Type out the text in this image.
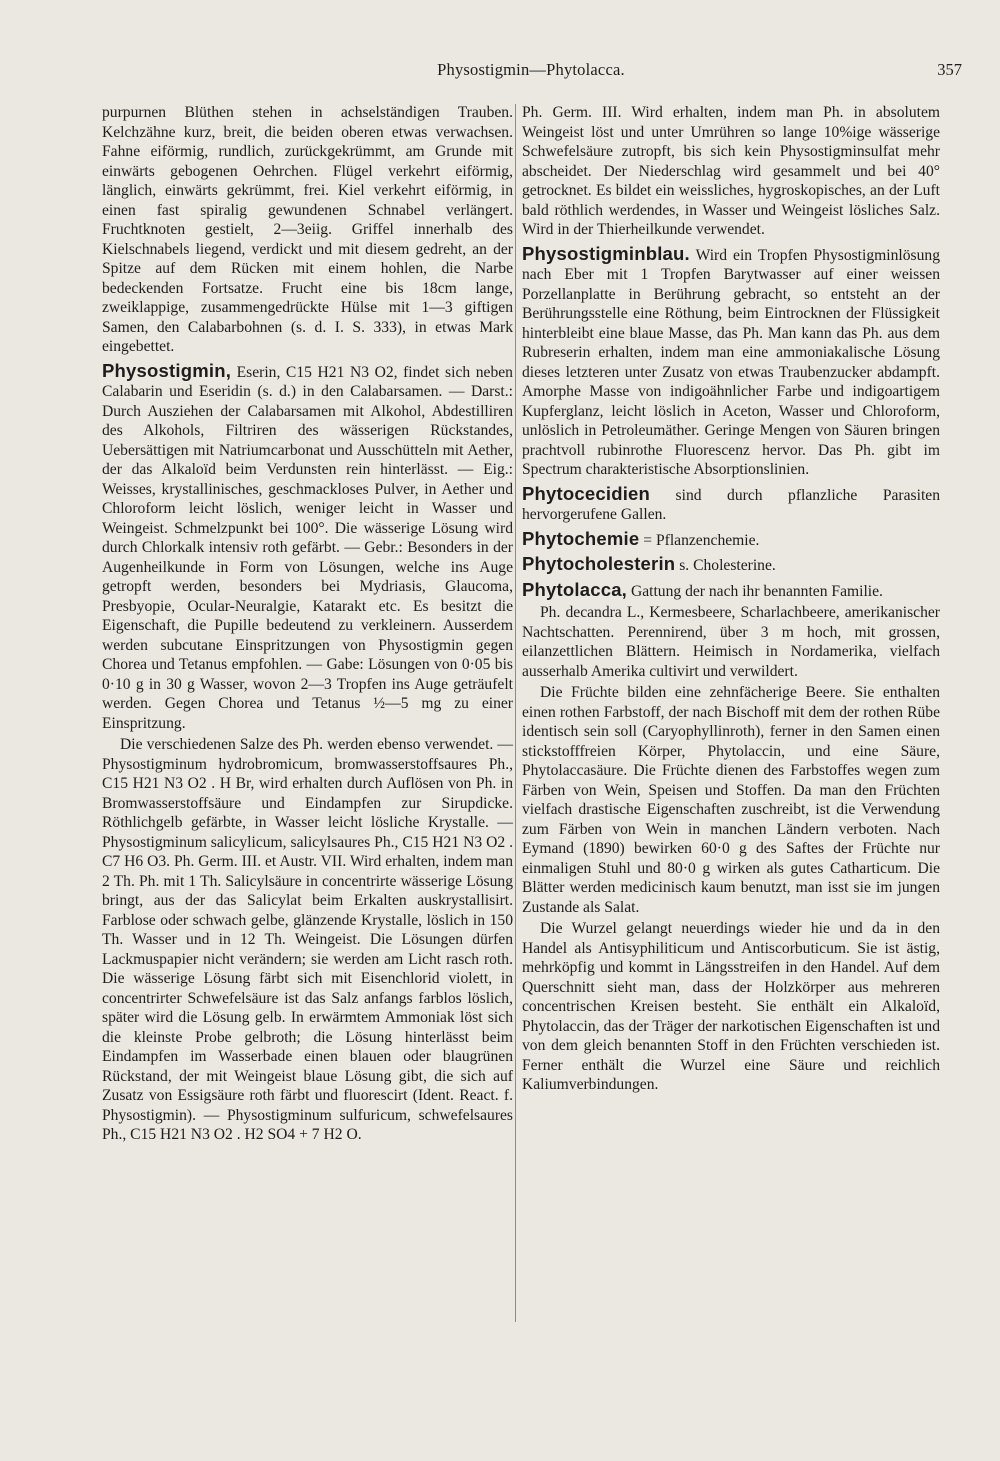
Physostigmin—Phytolacca.	357

purpurnen Blüthen stehen in achselständigen Trauben. Kelchzähne kurz, breit, die beiden oberen etwas verwachsen. Fahne eiförmig, rundlich, zurückgekrümmt, am Grunde mit einwärts gebogenen Oehrchen. Flügel verkehrt eiförmig, länglich, einwärts gekrümmt, frei. Kiel verkehrt eiförmig, in einen fast spiralig gewundenen Schnabel verlängert. Fruchtknoten gestielt, 2—3eiig. Griffel innerhalb des Kielschnabels liegend, verdickt und mit diesem gedreht, an der Spitze auf dem Rücken mit einem hohlen, die Narbe bedeckenden Fortsatze. Frucht eine bis 18cm lange, zweiklappige, zusammengedrückte Hülse mit 1—3 giftigen Samen, den Calabarbohnen (s. d. I. S. 333), in etwas Mark eingebettet.

Physostigmin, Eserin, C15 H21 N3 O2, findet sich neben Calabarin und Eseridin (s. d.) in den Calabarsamen. — Darst.: Durch Ausziehen der Calabarsamen mit Alkohol, Abdestilliren des Alkohols, Filtriren des wässerigen Rückstandes, Uebersättigen mit Natriumcarbonat und Ausschütteln mit Aether, der das Alkaloïd beim Verdunsten rein hinterlässt. — Eig.: Weisses, krystallinisches, geschmackloses Pulver, in Aether und Chloroform leicht löslich, weniger leicht in Wasser und Weingeist. Schmelzpunkt bei 100°. Die wässerige Lösung wird durch Chlorkalk intensiv roth gefärbt. — Gebr.: Besonders in der Augenheilkunde in Form von Lösungen, welche ins Auge getropft werden, besonders bei Mydriasis, Glaucoma, Presbyopie, Ocular-Neuralgie, Katarakt etc. Es besitzt die Eigenschaft, die Pupille bedeutend zu verkleinern. Ausserdem werden subcutane Einspritzungen von Physostigmin gegen Chorea und Tetanus empfohlen. — Gabe: Lösungen von 0·05 bis 0·10 g in 30 g Wasser, wovon 2—3 Tropfen ins Auge geträufelt werden. Gegen Chorea und Tetanus ½—5 mg zu einer Einspritzung.

Die verschiedenen Salze des Ph. werden ebenso verwendet. — Physostigminum hydrobromicum, bromwasserstoffsaures Ph., C15 H21 N3 O2 . H Br, wird erhalten durch Auflösen von Ph. in Bromwasserstoffsäure und Eindampfen zur Sirupdicke. Röthlichgelb gefärbte, in Wasser leicht lösliche Krystalle. — Physostigminum salicylicum, salicylsaures Ph., C15 H21 N3 O2 . C7 H6 O3. Ph. Germ. III. et Austr. VII. Wird erhalten, indem man 2 Th. Ph. mit 1 Th. Salicylsäure in concentrirte wässerige Lösung bringt, aus der das Salicylat beim Erkalten auskrystallisirt. Farblose oder schwach gelbe, glänzende Krystalle, löslich in 150 Th. Wasser und in 12 Th. Weingeist. Die Lösungen dürfen Lackmuspapier nicht verändern; sie werden am Licht rasch roth. Die wässerige Lösung färbt sich mit Eisenchlorid violett, in concentrirter Schwefelsäure ist das Salz anfangs farblos löslich, später wird die Lösung gelb. In erwärmtem Ammoniak löst sich die kleinste Probe gelbroth; die Lösung hinterlässt beim Eindampfen im Wasserbade einen blauen oder blaugrünen Rückstand, der mit Weingeist blaue Lösung gibt, die sich auf Zusatz von Essigsäure roth färbt und fluorescirt (Ident. React. f. Physostigmin). — Physostigminum sulfuricum, schwefelsaures Ph., C15 H21 N3 O2 . H2 SO4 + 7 H2 O.

Ph. Germ. III. Wird erhalten, indem man Ph. in absolutem Weingeist löst und unter Umrühren so lange 10%ige wässerige Schwefelsäure zutropft, bis sich kein Physostigminsulfat mehr abscheidet. Der Niederschlag wird gesammelt und bei 40° getrocknet. Es bildet ein weissliches, hygroskopisches, an der Luft bald röthlich werdendes, in Wasser und Weingeist lösliches Salz. Wird in der Thierheilkunde verwendet.

Physostigminblau. Wird ein Tropfen Physostigminlösung nach Eber mit 1 Tropfen Barytwasser auf einer weissen Porzellanplatte in Berührung gebracht, so entsteht an der Berührungsstelle eine Röthung, beim Eintrocknen der Flüssigkeit hinterbleibt eine blaue Masse, das Ph. Man kann das Ph. aus dem Rubreserin erhalten, indem man eine ammoniakalische Lösung dieses letzteren unter Zusatz von etwas Traubenzucker abdampft. Amorphe Masse von indigoähnlicher Farbe und indigoartigem Kupferglanz, leicht löslich in Aceton, Wasser und Chloroform, unlöslich in Petroleumäther. Geringe Mengen von Säuren bringen prachtvoll rubinrothe Fluorescenz hervor. Das Ph. gibt im Spectrum charakteristische Absorptionslinien.

Phytocecidien sind durch pflanzliche Parasiten hervorgerufene Gallen.

Phytochemie = Pflanzenchemie.

Phytocholesterin s. Cholesterine.

Phytolacca, Gattung der nach ihr benannten Familie.

Ph. decandra L., Kermesbeere, Scharlachbeere, amerikanischer Nachtschatten. Perennirend, über 3 m hoch, mit grossen, eilanzettlichen Blättern. Heimisch in Nordamerika, vielfach ausserhalb Amerika cultivirt und verwildert.

Die Früchte bilden eine zehnfächerige Beere. Sie enthalten einen rothen Farbstoff, der nach Bischoff mit dem der rothen Rübe identisch sein soll (Caryophyllinroth), ferner in den Samen einen stickstofffreien Körper, Phytolaccin, und eine Säure, Phytolaccasäure. Die Früchte dienen des Farbstoffes wegen zum Färben von Wein, Speisen und Stoffen. Da man den Früchten vielfach drastische Eigenschaften zuschreibt, ist die Verwendung zum Färben von Wein in manchen Ländern verboten. Nach Eymand (1890) bewirken 60·0 g des Saftes der Früchte nur einmaligen Stuhl und 80·0 g wirken als gutes Catharticum. Die Blätter werden medicinisch kaum benutzt, man isst sie im jungen Zustande als Salat.

Die Wurzel gelangt neuerdings wieder hie und da in den Handel als Antisyphiliticum und Antiscorbuticum. Sie ist ästig, mehrköpfig und kommt in Längsstreifen in den Handel. Auf dem Querschnitt sieht man, dass der Holzkörper aus mehreren concentrischen Kreisen besteht. Sie enthält ein Alkaloïd, Phytolaccin, das der Träger der narkotischen Eigenschaften ist und von dem gleich benannten Stoff in den Früchten verschieden ist. Ferner enthält die Wurzel eine Säure und reichlich Kaliumverbindungen.
